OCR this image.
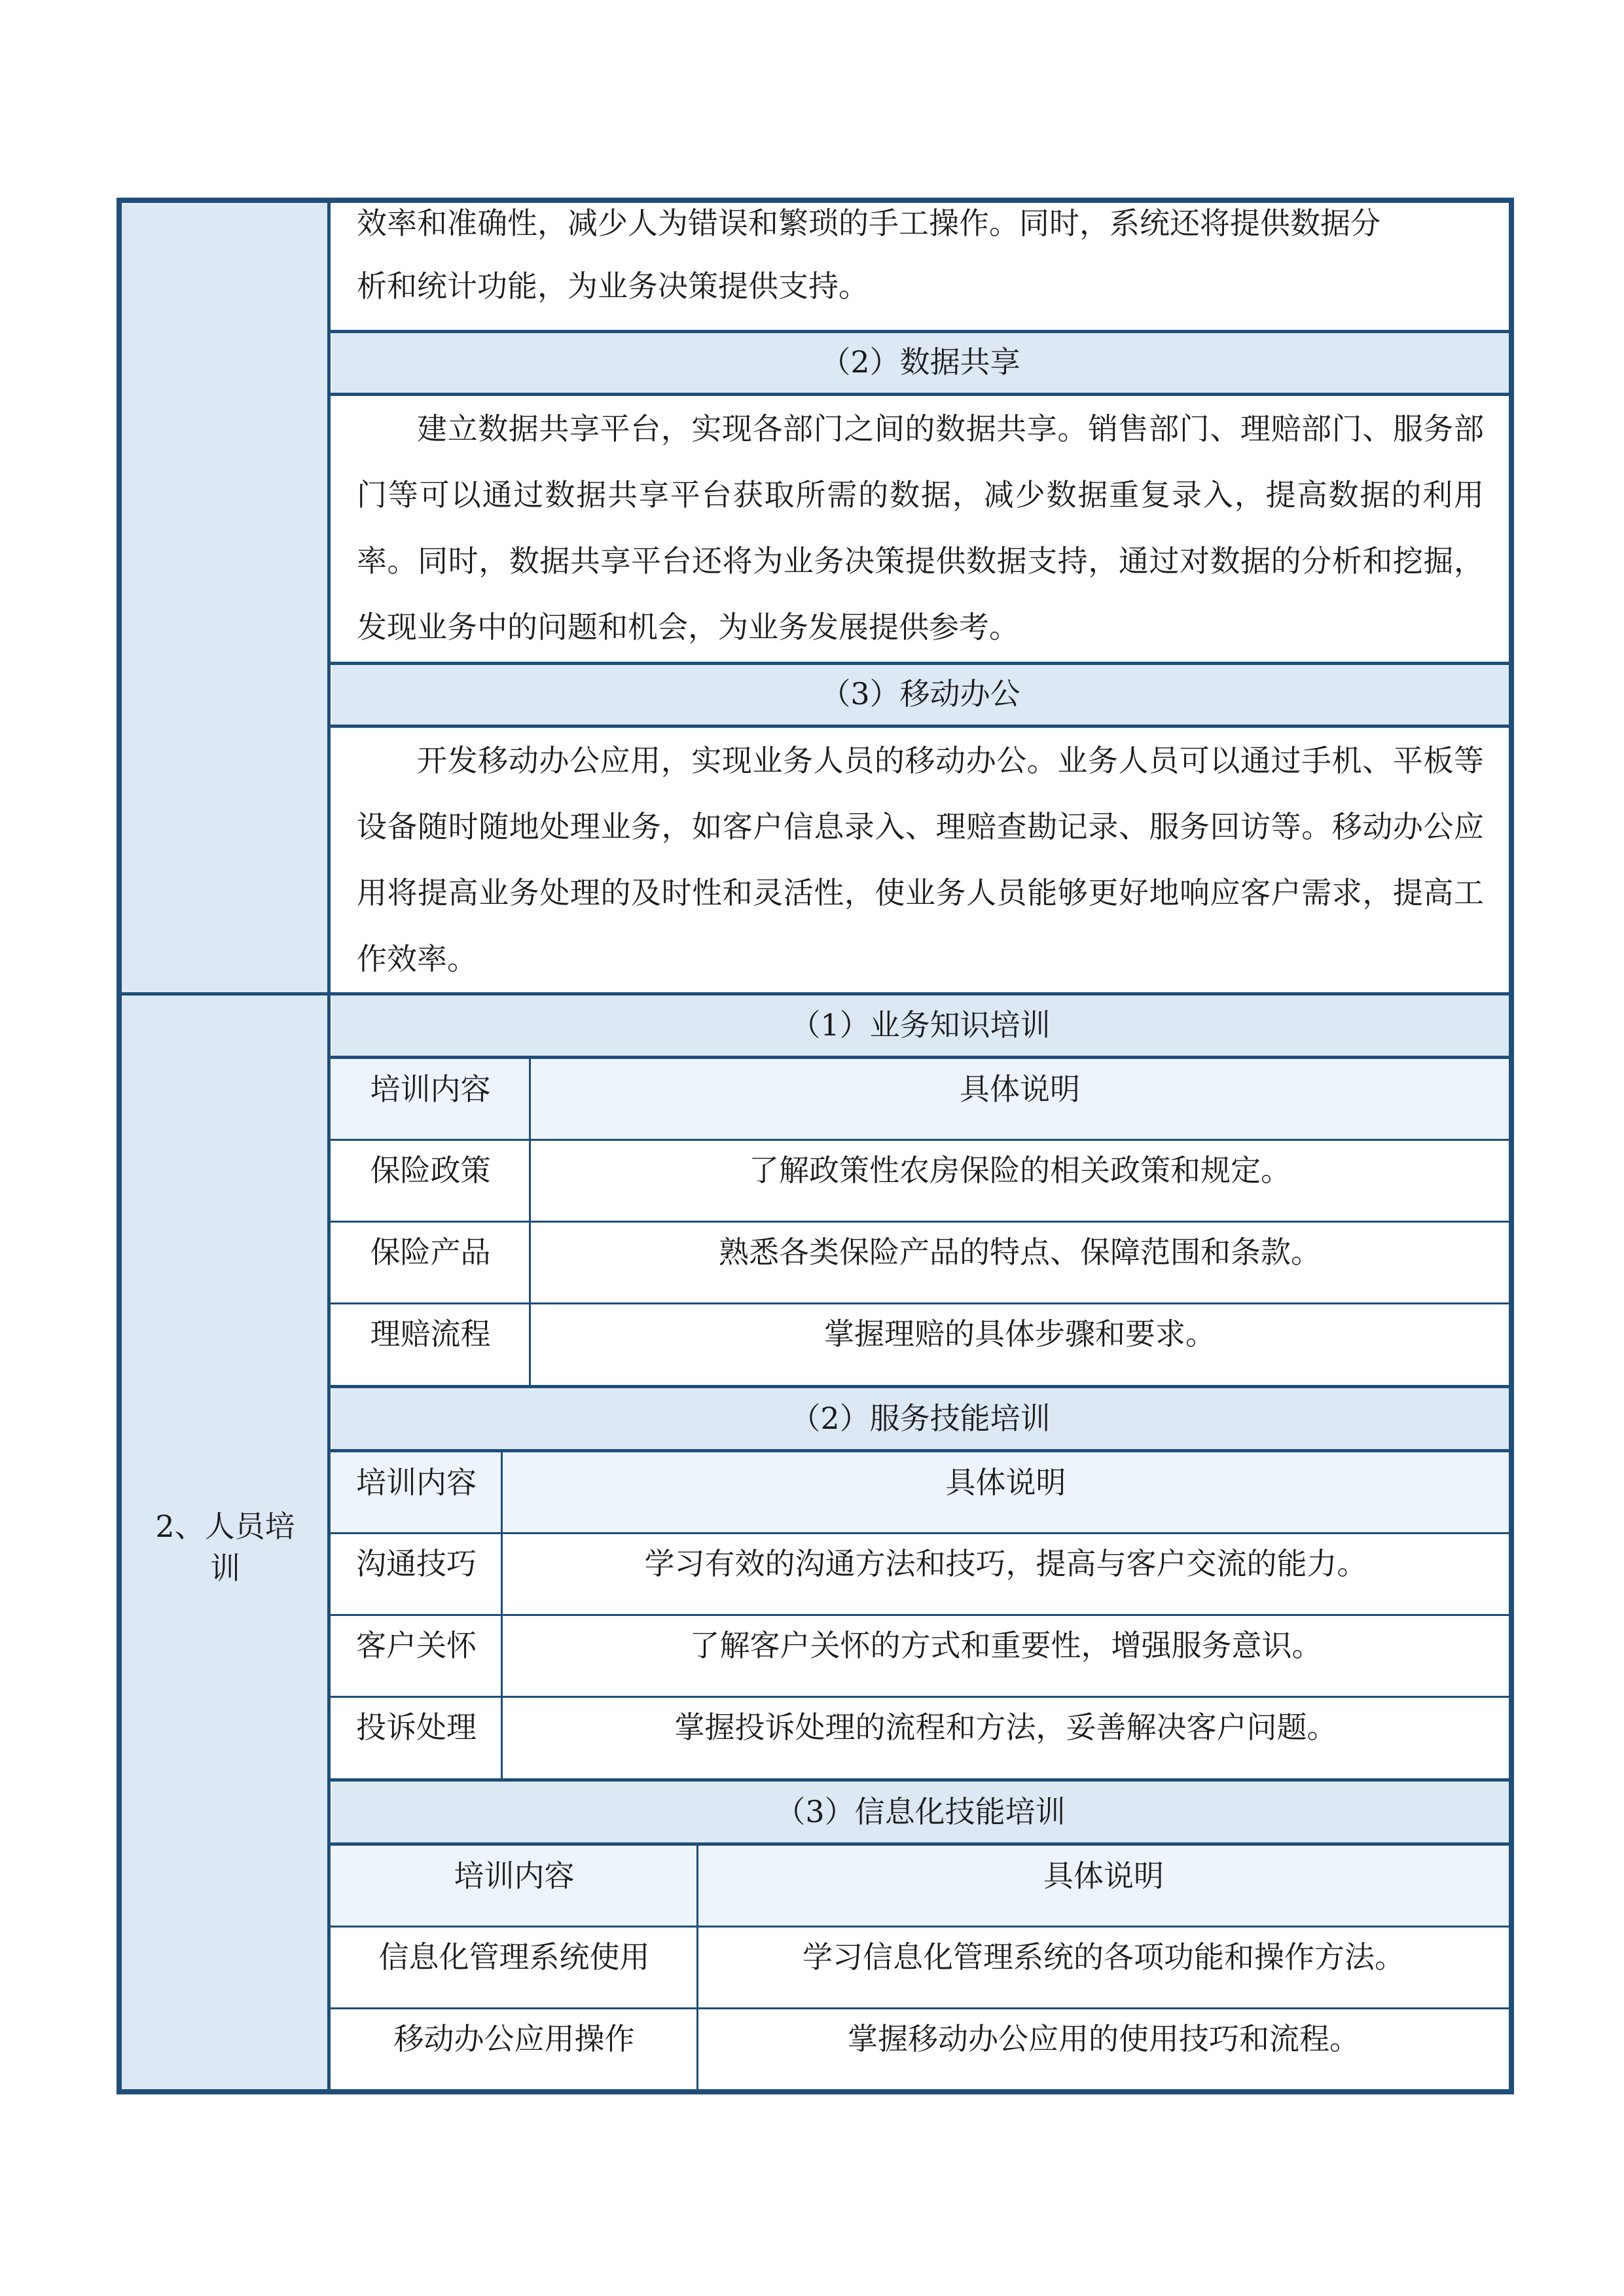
效率和准确性，减少人为错误和繁琐的手工操作。同时，系统还将提供数据分
析和统计功能，为业务决策提供支持。
（2）数据共享
建立数据共享平台，实现各部门之间的数据共享。销售部门、理赔部门、服务部门等可以通过数据共享平台获取所需的数据，减少数据重复录入，提高数据的利用率。同时，数据共享平台还将为业务决策提供数据支持，通过对数据的分析和挖掘，发现业务中的问题和机会，为业务发展提供参考。
（3）移动办公
开发移动办公应用，实现业务人员的移动办公。业务人员可以通过手机、平板等设备随时随地处理业务，如客户信息录入、理赔查勘记录、服务回访等。移动办公应用将提高业务处理的及时性和灵活性，使业务人员能够更好地响应客户需求，提高工作效率。
2、人员培
训
（1）业务知识培训
培训内容	具体说明
保险政策	了解政策性农房保险的相关政策和规定。
保险产品	熟悉各类保险产品的特点、保障范围和条款。
理赔流程	掌握理赔的具体步骤和要求。
（2）服务技能培训
培训内容	具体说明
沟通技巧	学习有效的沟通方法和技巧，提高与客户交流的能力。
客户关怀	了解客户关怀的方式和重要性，增强服务意识。
投诉处理	掌握投诉处理的流程和方法，妥善解决客户问题。
（3）信息化技能培训
培训内容	具体说明
信息化管理系统使用	学习信息化管理系统的各项功能和操作方法。
移动办公应用操作	掌握移动办公应用的使用技巧和流程。
